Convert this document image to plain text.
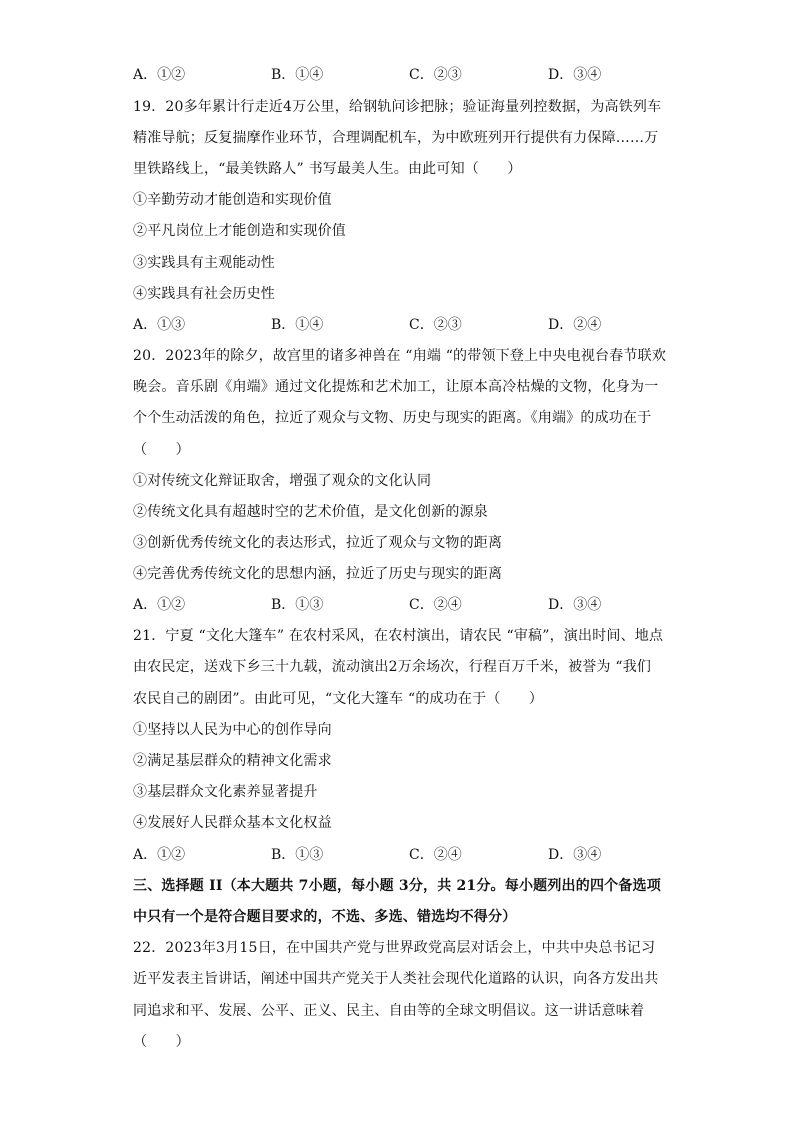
A．①②	B．①④	C．②③	D．③④
19．20多年累计行走近4万公里，给钢轨问诊把脉；验证海量列控数据，为高铁列车
精准导航；反复揣摩作业环节，合理调配机车，为中欧班列开行提供有力保障……万
里铁路线上，“最美铁路人” 书写最美人生。由此可知（　　）
①辛勤劳动才能创造和实现价值
②平凡岗位上才能创造和实现价值
③实践具有主观能动性
④实践具有社会历史性
A．①③	B．①④	C．②③	D．②④
20．2023年的除夕，故宫里的诸多神兽在 “甪端 “的带领下登上中央电视台春节联欢
晚会。音乐剧《甪端》通过文化提炼和艺术加工，让原本高冷枯燥的文物，化身为一
个个生动活泼的角色，拉近了观众与文物、历史与现实的距离。《甪端》的成功在于
（　　）
①对传统文化辩证取舍，增强了观众的文化认同
②传统文化具有超越时空的艺术价值，是文化创新的源泉
③创新优秀传统文化的表达形式，拉近了观众与文物的距离
④完善优秀传统文化的思想内涵，拉近了历史与现实的距离
A．①②	B．①③	C．②④	D．③④
21．宁夏 “文化大篷车” 在农村采风，在农村演出，请农民 “审稿”，演出时间、地点
由农民定，送戏下乡三十九载，流动演出2万余场次，行程百万千米，被誉为 “我们
农民自己的剧团”。由此可见，“文化大篷车 “的成功在于（　　）
①坚持以人民为中心的创作导向
②满足基层群众的精神文化需求
③基层群众文化素养显著提升
④发展好人民群众基本文化权益
A．①②	B．①③	C．②④	D．③④
三、选择题 II（本大题共 7小题，每小题 3分，共 21分。每小题列出的四个备选项
中只有一个是符合题目要求的，不选、多选、错选均不得分）
22．2023年3月15日，在中国共产党与世界政党高层对话会上，中共中央总书记习
近平发表主旨讲话，阐述中国共产党关于人类社会现代化道路的认识，向各方发出共
同追求和平、发展、公平、正义、民主、自由等的全球文明倡议。这一讲话意味着
（　　）
